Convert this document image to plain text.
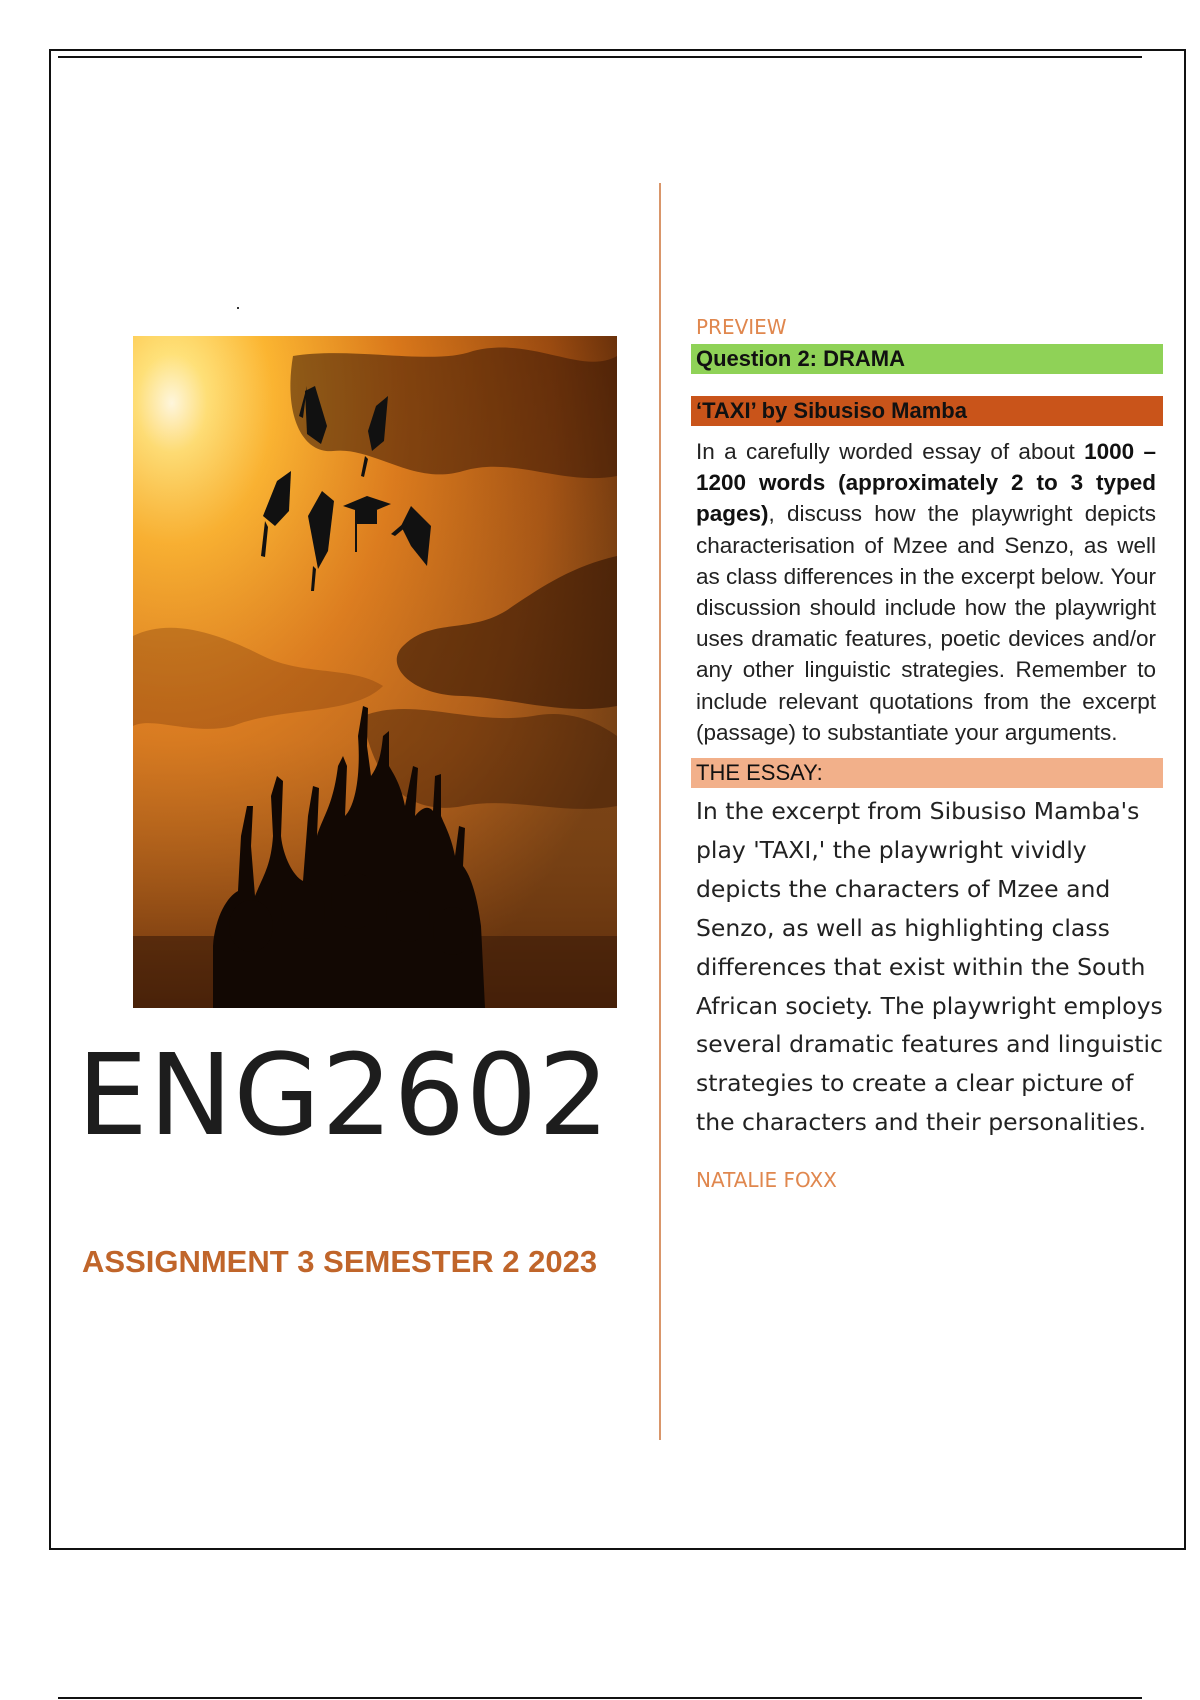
ENG2602
ASSIGNMENT 3 SEMESTER 2 2023
PREVIEW
Question 2: DRAMA
‘TAXI’ by Sibusiso Mamba
In a carefully worded essay of about 1000 – 1200 words (approximately 2 to 3 typed pages), discuss how the playwright depicts characterisation of Mzee and Senzo, as well as class differences in the excerpt below. Your discussion should include how the playwright uses dramatic features, poetic devices and/or any other linguistic strategies. Remember to include relevant quotations from the excerpt (passage) to substantiate your arguments.
THE ESSAY:
In the excerpt from Sibusiso Mamba's play 'TAXI,' the playwright vividly depicts the characters of Mzee and Senzo, as well as highlighting class differences that exist within the South African society. The playwright employs several dramatic features and linguistic strategies to create a clear picture of the characters and their personalities.
NATALIE FOXX
